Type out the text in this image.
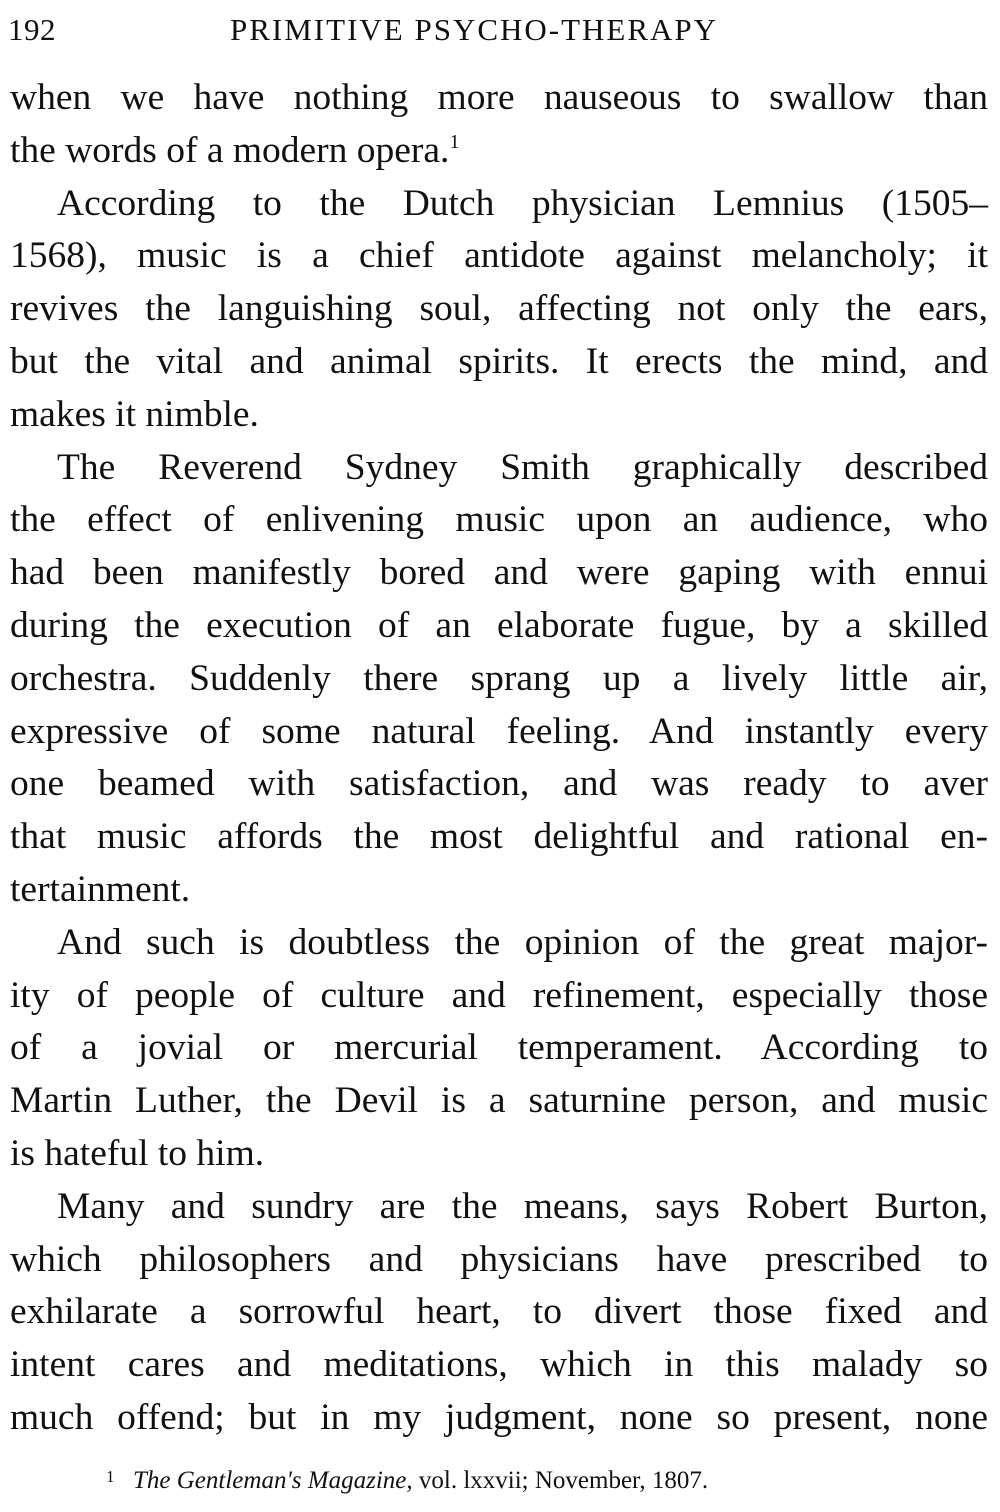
192	PRIMITIVE PSYCHO-THERAPY
when we have nothing more nauseous to swallow than
the words of a modern opera.$^1$
According to the Dutch physician Lemnius (1505–
1568), music is a chief antidote against melancholy; it
revives the languishing soul, affecting not only the ears,
but the vital and animal spirits. It erects the mind, and
makes it nimble.
The Reverend Sydney Smith graphically described
the effect of enlivening music upon an audience, who
had been manifestly bored and were gaping with ennui
during the execution of an elaborate fugue, by a skilled
orchestra. Suddenly there sprang up a lively little air,
expressive of some natural feeling. And instantly every
one beamed with satisfaction, and was ready to aver
that music affords the most delightful and rational en-
tertainment.
And such is doubtless the opinion of the great major-
ity of people of culture and refinement, especially those
of a jovial or mercurial temperament. According to
Martin Luther, the Devil is a saturnine person, and music
is hateful to him.
Many and sundry are the means, says Robert Burton,
which philosophers and physicians have prescribed to
exhilarate a sorrowful heart, to divert those fixed and
intent cares and meditations, which in this malady so
much offend; but in my judgment, none so present, none
1 The Gentleman's Magazine, vol. lxxvii; November, 1807.
